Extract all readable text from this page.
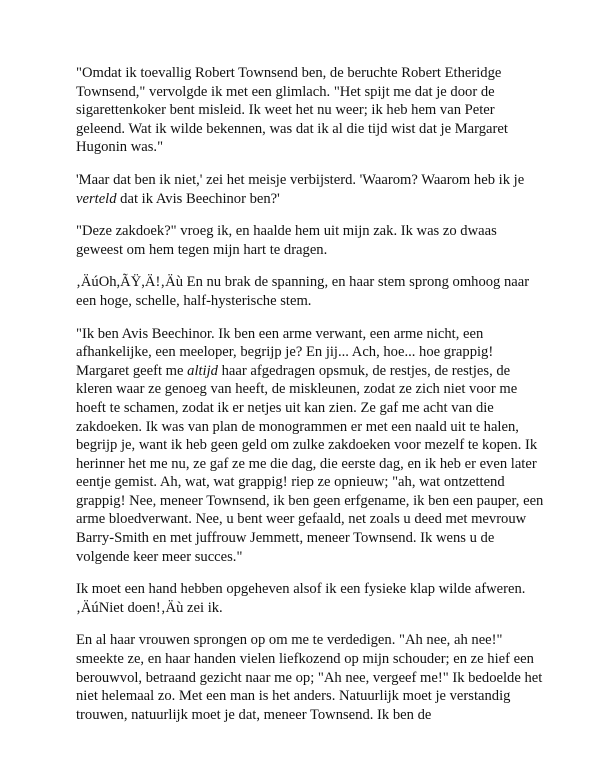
"Omdat ik toevallig Robert Townsend ben, de beruchte Robert Etheridge Townsend," vervolgde ik met een glimlach. "Het spijt me dat je door de sigarettenkoker bent misleid. Ik weet het nu weer; ik heb hem van Peter geleend. Wat ik wilde bekennen, was dat ik al die tijd wist dat je Margaret Hugonin was."

'Maar dat ben ik niet,' zei het meisje verbijsterd. 'Waarom? Waarom heb ik je verteld dat ik Avis Beechinor ben?'

"Deze zakdoek?" vroeg ik, en haalde hem uit mijn zak. Ik was zo dwaas geweest om hem tegen mijn hart te dragen.

‚ÄúOh,ÃŸ,Ä!‚Äù En nu brak de spanning, en haar stem sprong omhoog naar een hoge, schelle, half-hysterische stem.

"Ik ben Avis Beechinor. Ik ben een arme verwant, een arme nicht, een afhankelijke, een meeloper, begrijp je? En jij... Ach, hoe... hoe grappig! Margaret geeft me altijd haar afgedragen opsmuk, de restjes, de restjes, de kleren waar ze genoeg van heeft, de miskleunen, zodat ze zich niet voor me hoeft te schamen, zodat ik er netjes uit kan zien. Ze gaf me acht van die zakdoeken. Ik was van plan de monogrammen er met een naald uit te halen, begrijp je, want ik heb geen geld om zulke zakdoeken voor mezelf te kopen. Ik herinner het me nu, ze gaf ze me die dag, die eerste dag, en ik heb er even later eentje gemist. Ah, wat, wat grappig! riep ze opnieuw; "ah, wat ontzettend grappig! Nee, meneer Townsend, ik ben geen erfgename, ik ben een pauper, een arme bloedverwant. Nee, u bent weer gefaald, net zoals u deed met mevrouw Barry-Smith en met juffrouw Jemmett, meneer Townsend. Ik wens u de volgende keer meer succes."

Ik moet een hand hebben opgeheven alsof ik een fysieke klap wilde afweren. ‚ÄúNiet doen!‚Äù zei ik.

En al haar vrouwen sprongen op om me te verdedigen. "Ah nee, ah nee!" smeekte ze, en haar handen vielen liefkozend op mijn schouder; en ze hief een berouwvol, betraand gezicht naar me op; "Ah nee, vergeef me!" Ik bedoelde het niet helemaal zo. Met een man is het anders. Natuurlijk moet je verstandig trouwen, natuurlijk moet je dat, meneer Townsend. Ik ben de
